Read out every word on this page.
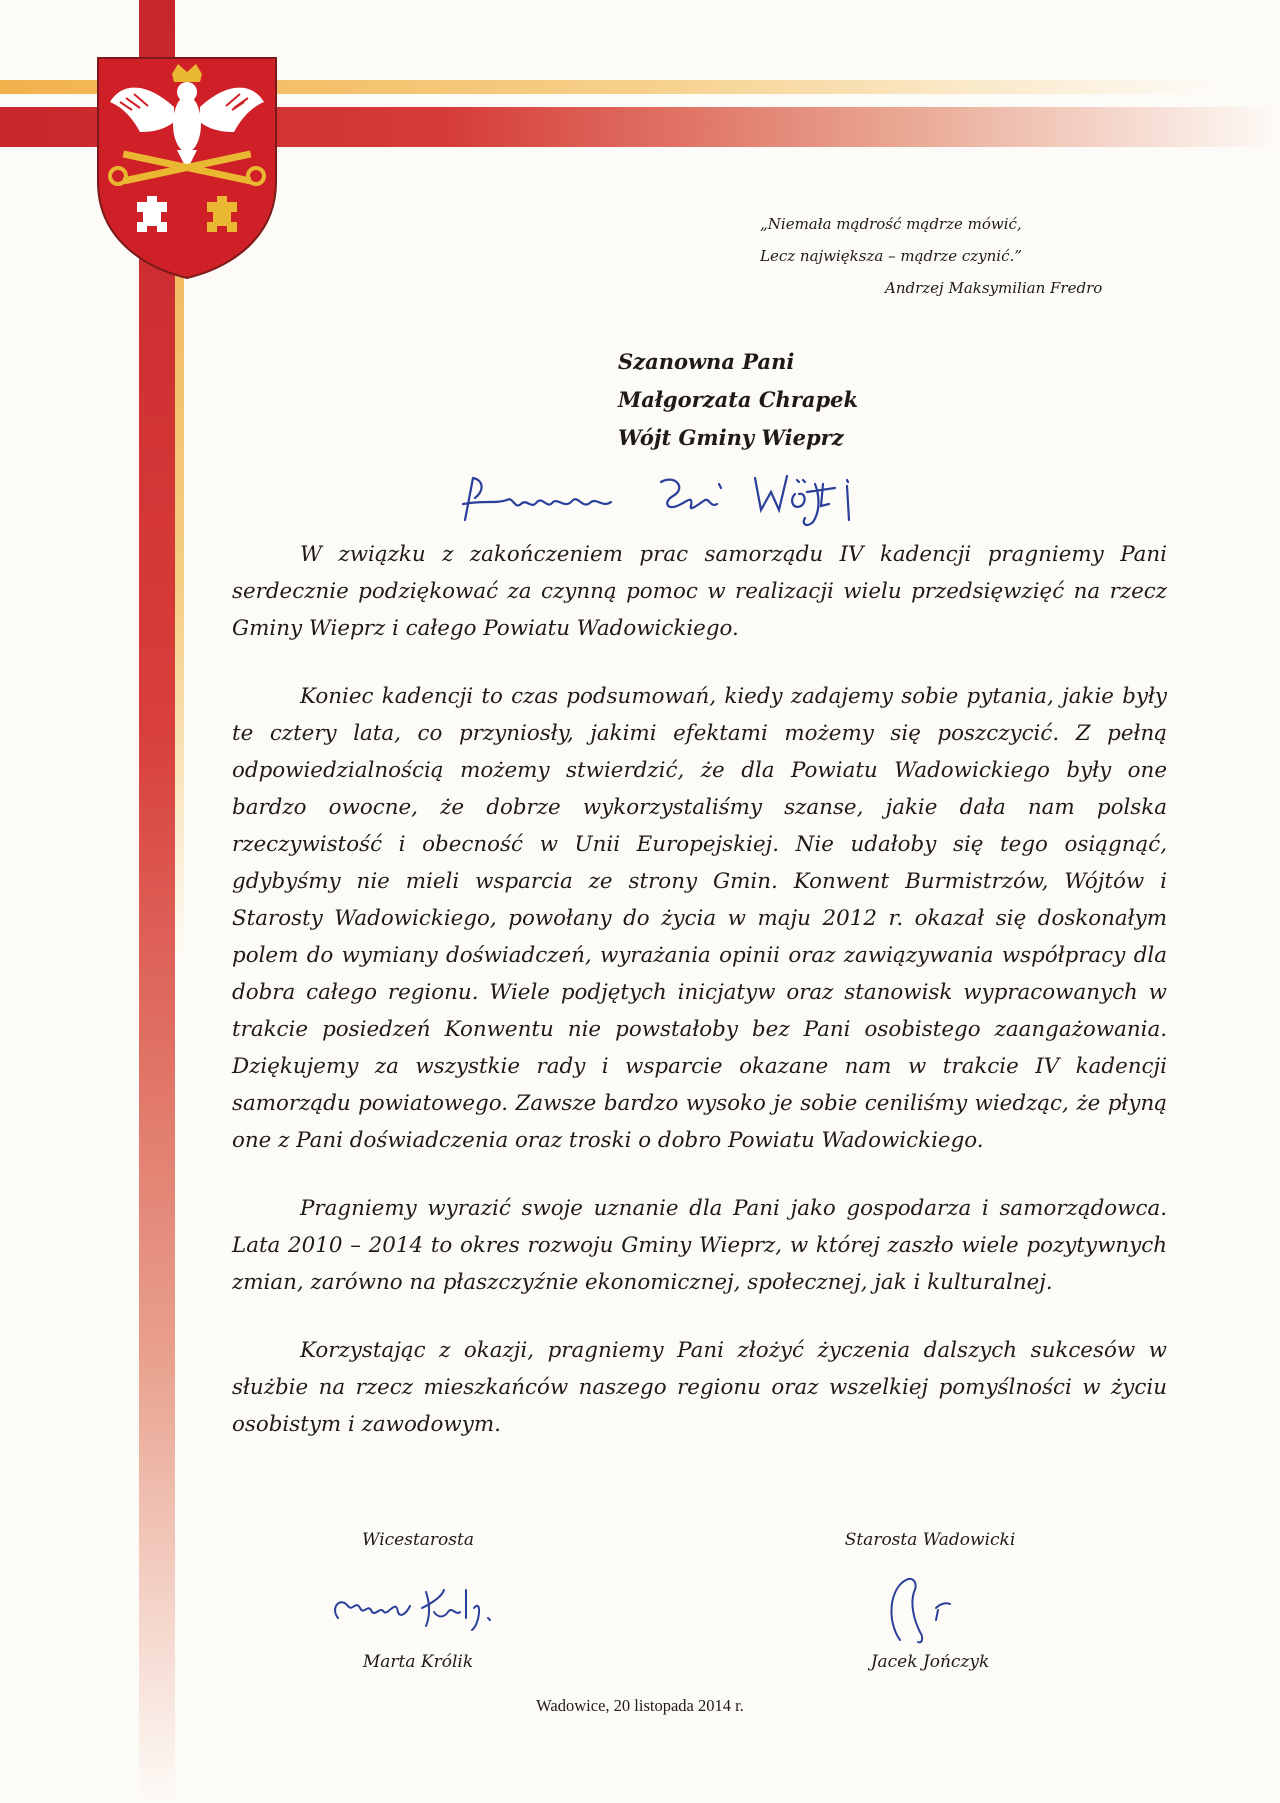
„Niemała mądrość mądrze mówić,
Lecz największa – mądrze czynić.”
Andrzej Maksymilian Fredro
Szanowna Pani
Małgorzata Chrapek
Wójt Gminy Wieprz

W związku z zakończeniem prac samorządu IV kadencji pragniemy Pani serdecznie podziękować za czynną pomoc w realizacji wielu przedsięwzięć na rzecz Gminy Wieprz i całego Powiatu Wadowickiego.

Koniec kadencji to czas podsumowań, kiedy zadajemy sobie pytania, jakie były te cztery lata, co przyniosły, jakimi efektami możemy się poszczycić. Z pełną odpowiedzialnością możemy stwierdzić, że dla Powiatu Wadowickiego były one bardzo owocne, że dobrze wykorzystaliśmy szanse, jakie dała nam polska rzeczywistość i obecność w Unii Europejskiej. Nie udałoby się tego osiągnąć, gdybyśmy nie mieli wsparcia ze strony Gmin. Konwent Burmistrzów, Wójtów i Starosty Wadowickiego, powołany do życia w maju 2012 r. okazał się doskonałym polem do wymiany doświadczeń, wyrażania opinii oraz zawiązywania współpracy dla dobra całego regionu. Wiele podjętych inicjatyw oraz stanowisk wypracowanych w trakcie posiedzeń Konwentu nie powstałoby bez Pani osobistego zaangażowania. Dziękujemy za wszystkie rady i wsparcie okazane nam w trakcie IV kadencji samorządu powiatowego. Zawsze bardzo wysoko je sobie ceniliśmy wiedząc, że płyną one z Pani doświadczenia oraz troski o dobro Powiatu Wadowickiego.

Pragniemy wyrazić swoje uznanie dla Pani jako gospodarza i samorządowca. Lata 2010 – 2014 to okres rozwoju Gminy Wieprz, w której zaszło wiele pozytywnych zmian, zarówno na płaszczyźnie ekonomicznej, społecznej, jak i kulturalnej.

Korzystając z okazji, pragniemy Pani złożyć życzenia dalszych sukcesów w służbie na rzecz mieszkańców naszego regionu oraz wszelkiej pomyślności w życiu osobistym i zawodowym.

Wicestarosta
Marta Królik
Starosta Wadowicki
Jacek Jończyk
Wadowice, 20 listopada 2014 r.
